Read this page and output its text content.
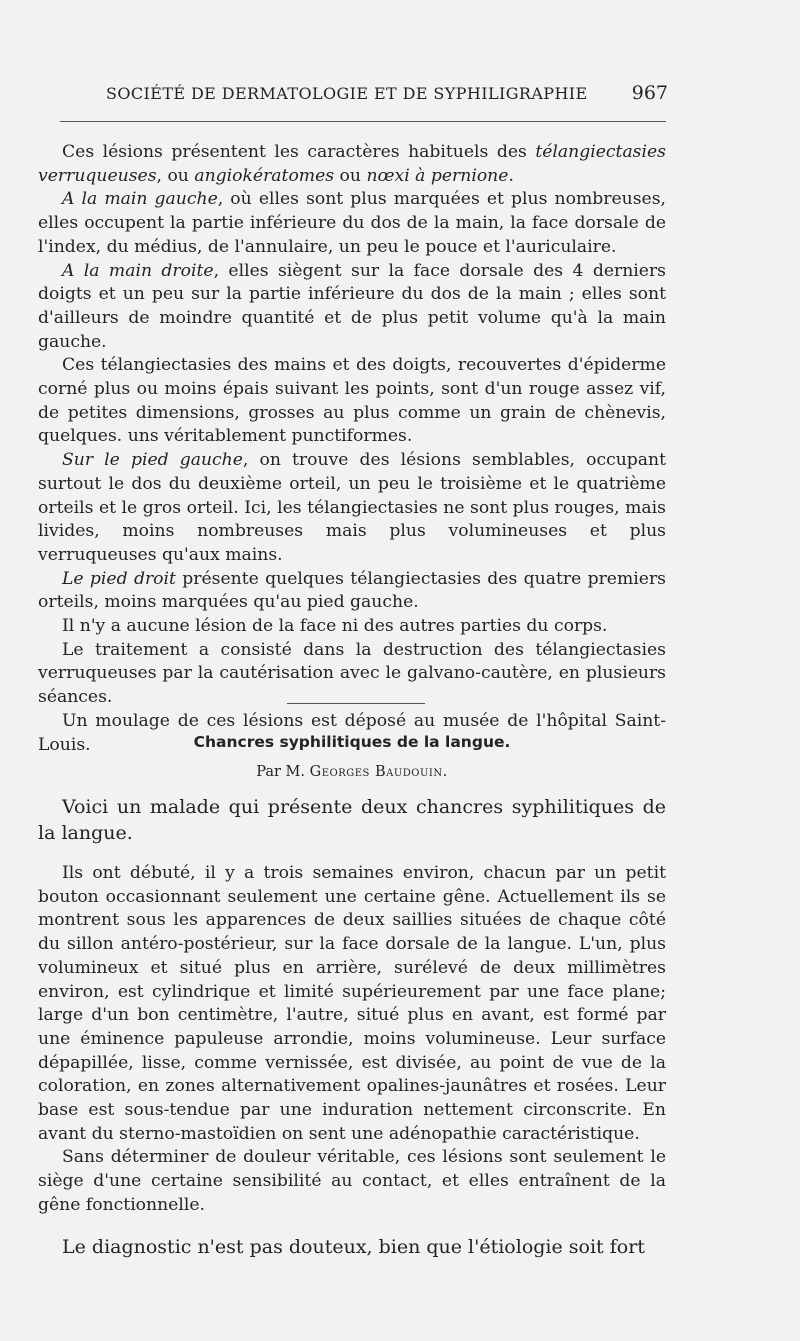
SOCIÉTÉ DE DERMATOLOGIE ET DE SYPHILIGRAPHIE 967

Ces lésions présentent les caractères habituels des télangiectasies verruqueuses, ou angiokératomes ou nœxi à pernione.

A la main gauche, où elles sont plus marquées et plus nombreuses, elles occupent la partie inférieure du dos de la main, la face dorsale de l'index, du médius, de l'annulaire, un peu le pouce et l'auriculaire.

A la main droite, elles siègent sur la face dorsale des 4 derniers doigts et un peu sur la partie inférieure du dos de la main ; elles sont d'ailleurs de moindre quantité et de plus petit volume qu'à la main gauche.

Ces télangiectasies des mains et des doigts, recouvertes d'épiderme corné plus ou moins épais suivant les points, sont d'un rouge assez vif, de petites dimensions, grosses au plus comme un grain de chènevis, quelques. uns véritablement punctiformes.

Sur le pied gauche, on trouve des lésions semblables, occupant surtout le dos du deuxième orteil, un peu le troisième et le quatrième orteils et le gros orteil. Ici, les télangiectasies ne sont plus rouges, mais livides, moins nombreuses mais plus volumineuses et plus verruqueuses qu'aux mains.

Le pied droit présente quelques télangiectasies des quatre premiers orteils, moins marquées qu'au pied gauche.

Il n'y a aucune lésion de la face ni des autres parties du corps.

Le traitement a consisté dans la destruction des télangiectasies verruqueuses par la cautérisation avec le galvano-cautère, en plusieurs séances.

Un moulage de ces lésions est déposé au musée de l'hôpital Saint-Louis.	Chancres syphilitiques de la langue.
Par M. Georges Baudouin.

Voici un malade qui présente deux chancres syphilitiques de la langue.

Ils ont débuté, il y a trois semaines environ, chacun par un petit bouton occasionnant seulement une certaine gêne. Actuellement ils se montrent sous les apparences de deux saillies situées de chaque côté du sillon antéro-postérieur, sur la face dorsale de la langue. L'un, plus volumineux et situé plus en arrière, surélevé de deux millimètres environ, est cylindrique et limité supérieurement par une face plane; large d'un bon centimètre, l'autre, situé plus en avant, est formé par une éminence papuleuse arrondie, moins volumineuse. Leur surface dépapillée, lisse, comme vernissée, est divisée, au point de vue de la coloration, en zones alternativement opalines-jaunâtres et rosées. Leur base est sous-tendue par une induration nettement circonscrite. En avant du sterno-mastoïdien on sent une adénopathie caractéristique.

Sans déterminer de douleur véritable, ces lésions sont seulement le siège d'une certaine sensibilité au contact, et elles entraînent de la gêne fonctionnelle.

Le diagnostic n'est pas douteux, bien que l'étiologie soit fort
